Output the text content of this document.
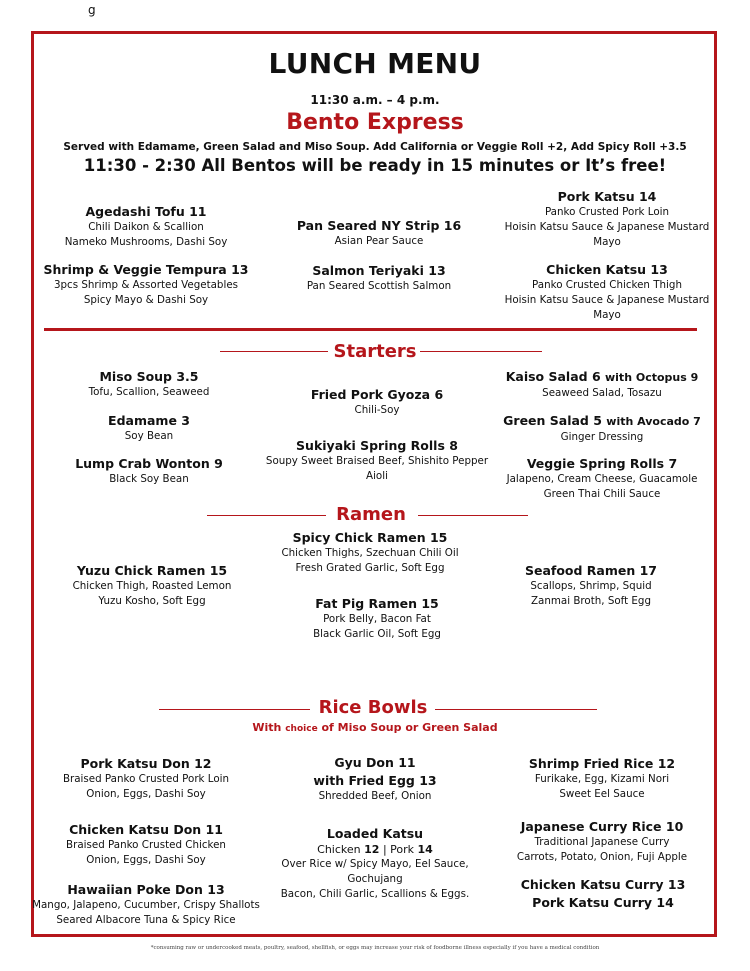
g
LUNCH MENU
11:30 a.m. – 4 p.m.
Bento Express
Served with Edamame, Green Salad and Miso Soup. Add California or Veggie Roll +2, Add Spicy Roll +3.5
11:30 - 2:30 All Bentos will be ready in 15 minutes or It’s free!
Agedashi Tofu 11
Chili Daikon & Scallion
Nameko Mushrooms, Dashi Soy
Shrimp & Veggie Tempura 13
3pcs Shrimp & Assorted Vegetables
Spicy Mayo & Dashi Soy
Pan Seared NY Strip 16
Asian Pear Sauce
Salmon Teriyaki 13
Pan Seared Scottish Salmon
Pork Katsu 14
Panko Crusted Pork Loin
Hoisin Katsu Sauce & Japanese Mustard
Mayo
Chicken Katsu 13
Panko Crusted Chicken Thigh
Hoisin Katsu Sauce & Japanese Mustard
Mayo
Starters
Miso Soup 3.5
Tofu, Scallion, Seaweed
Edamame 3
Soy Bean
Lump Crab Wonton 9
Black Soy Bean
Fried Pork Gyoza 6
Chili-Soy
Sukiyaki Spring Rolls 8
Soupy Sweet Braised Beef, Shishito Pepper
Aioli
Kaiso Salad 6 with Octopus 9
Seaweed Salad, Tosazu
Green Salad 5 with Avocado 7
Ginger Dressing
Veggie Spring Rolls 7
Jalapeno, Cream Cheese, Guacamole
Green Thai Chili Sauce
Ramen
Yuzu Chick Ramen 15
Chicken Thigh, Roasted Lemon
Yuzu Kosho, Soft Egg
Spicy Chick Ramen 15
Chicken Thighs, Szechuan Chili Oil
Fresh Grated Garlic, Soft Egg
Fat Pig Ramen 15
Pork Belly, Bacon Fat
Black Garlic Oil, Soft Egg
Seafood Ramen 17
Scallops, Shrimp, Squid
Zanmai Broth, Soft Egg
Rice Bowls
With choice of Miso Soup or Green Salad
Pork Katsu Don 12
Braised Panko Crusted Pork Loin
Onion, Eggs, Dashi Soy
Chicken Katsu Don 11
Braised Panko Crusted Chicken
Onion, Eggs, Dashi Soy
Hawaiian Poke Don 13
Mango, Jalapeno, Cucumber, Crispy Shallots
Seared Albacore Tuna & Spicy Rice
Gyu Don 11
with Fried Egg 13
Shredded Beef, Onion
Loaded Katsu
Chicken 12 | Pork 14
Over Rice w/ Spicy Mayo, Eel Sauce,
Gochujang
Bacon, Chili Garlic, Scallions & Eggs.
Shrimp Fried Rice 12
Furikake, Egg, Kizami Nori
Sweet Eel Sauce
Japanese Curry Rice 10
Traditional Japanese Curry
Carrots, Potato, Onion, Fuji Apple
Chicken Katsu Curry 13
Pork Katsu Curry 14
*consuming raw or undercooked meats, poultry, seafood, shellfish, or eggs may increase your risk of foodborne illness especially if you have a medical condition
